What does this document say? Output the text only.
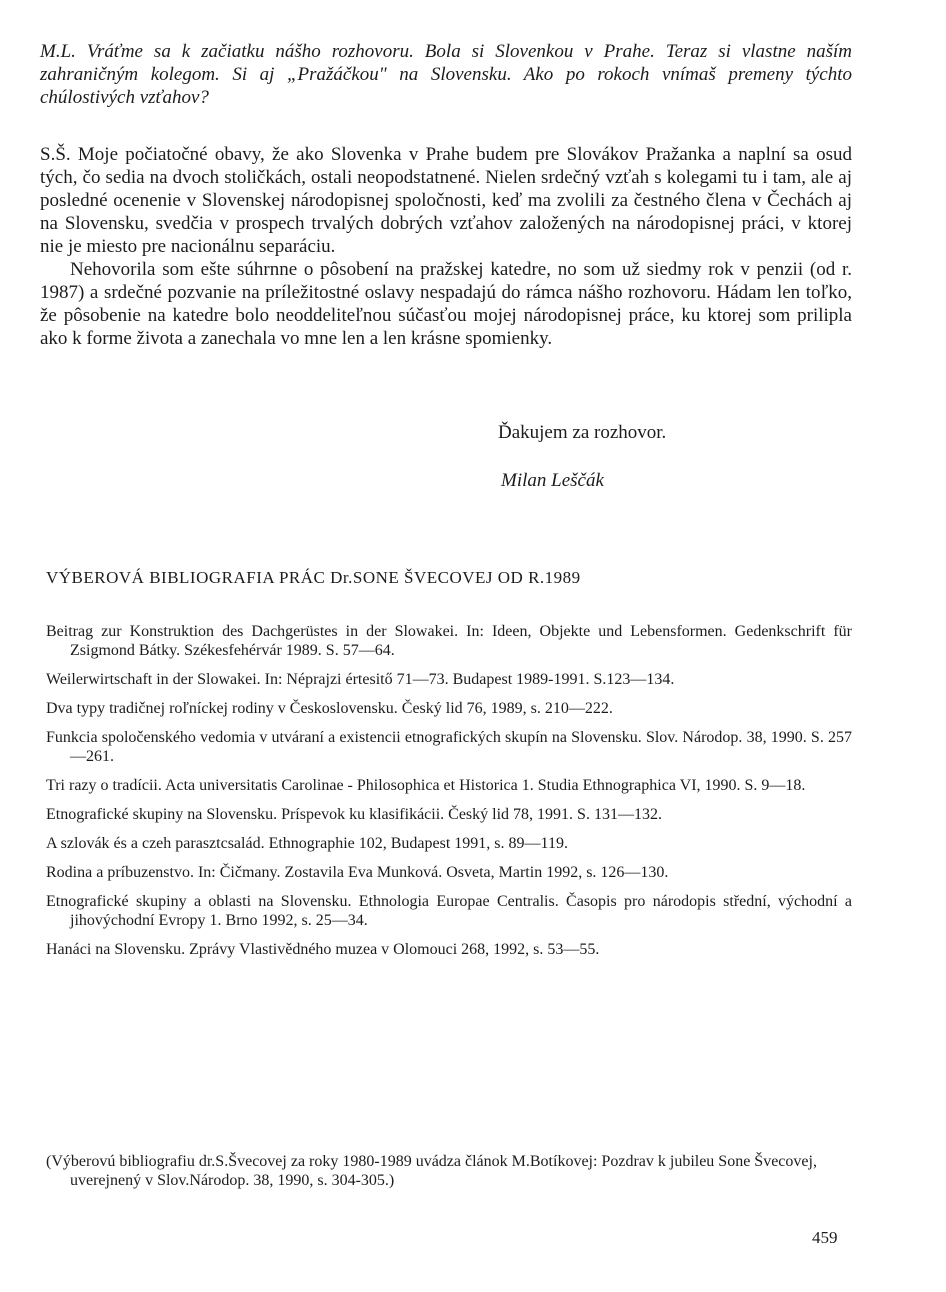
M.L. Vráťme sa k začiatku nášho rozhovoru. Bola si Slovenkou v Prahe. Teraz si vlastne naším zahraničným kolegom. Si aj „Pražáčkou" na Slovensku. Ako po rokoch vnímaš premeny týchto chúlostivých vzťahov?

S.Š. Moje počiatočné obavy, že ako Slovenka v Prahe budem pre Slovákov Pražanka a naplní sa osud tých, čo sedia na dvoch stoličkách, ostali neopodstatnené. Nielen srdečný vzťah s kolegami tu i tam, ale aj posledné ocenenie v Slovenskej národopisnej spoločnosti, keď ma zvolili za čestného člena v Čechách aj na Slovensku, svedčia v prospech trvalých dobrých vzťahov založených na národopisnej práci, v ktorej nie je miesto pre nacionálnu separáciu.

Nehovorila som ešte súhrnne o pôsobení na pražskej katedre, no som už siedmy rok v penzii (od r. 1987) a srdečné pozvanie na príležitostné oslavy nespadajú do rámca nášho rozhovoru. Hádam len toľko, že pôsobenie na katedre bolo neoddeliteľnou súčasťou mojej národopisnej práce, ku ktorej som prilipla ako k forme života a zanechala vo mne len a len krásne spomienky.

Ďakujem za rozhovor.
Milan Leščák
VÝBEROVÁ BIBLIOGRAFIA PRÁC Dr.SONE ŠVECOVEJ OD R.1989

Beitrag zur Konstruktion des Dachgerüstes in der Slowakei. In: Ideen, Objekte und Lebensformen. Gedenkschrift für Zsigmond Bátky. Székesfehérvár 1989. S. 57—64.

Weilerwirtschaft in der Slowakei. In: Néprajzi értesitő 71—73. Budapest 1989-1991. S.123—134.

Dva typy tradičnej roľníckej rodiny v Československu. Český lid 76, 1989, s. 210—222.

Funkcia spoločenského vedomia v utváraní a existencii etnografických skupín na Slovensku. Slov. Národop. 38, 1990. S. 257—261.

Tri razy o tradícii. Acta universitatis Carolinae - Philosophica et Historica 1. Studia Ethnographica VI, 1990. S. 9—18.

Etnografické skupiny na Slovensku. Príspevok ku klasifikácii. Český lid 78, 1991. S. 131—132.

A szlovák és a czeh parasztcsalád. Ethnographie 102, Budapest 1991, s. 89—119.

Rodina a príbuzenstvo. In: Čičmany. Zostavila Eva Munková. Osveta, Martin 1992, s. 126—130.

Etnografické skupiny a oblasti na Slovensku. Ethnologia Europae Centralis. Časopis pro národopis střední, východní a jihovýchodní Evropy 1. Brno 1992, s. 25—34.

Hanáci na Slovensku. Zprávy Vlastivědného muzea v Olomouci 268, 1992, s. 53—55.

(Výberovú bibliografiu dr.S.Švecovej za roky 1980-1989 uvádza článok M.Botíkovej: Pozdrav k jubileu Sone Švecovej, uverejnený v Slov.Národop. 38, 1990, s. 304-305.)

459
